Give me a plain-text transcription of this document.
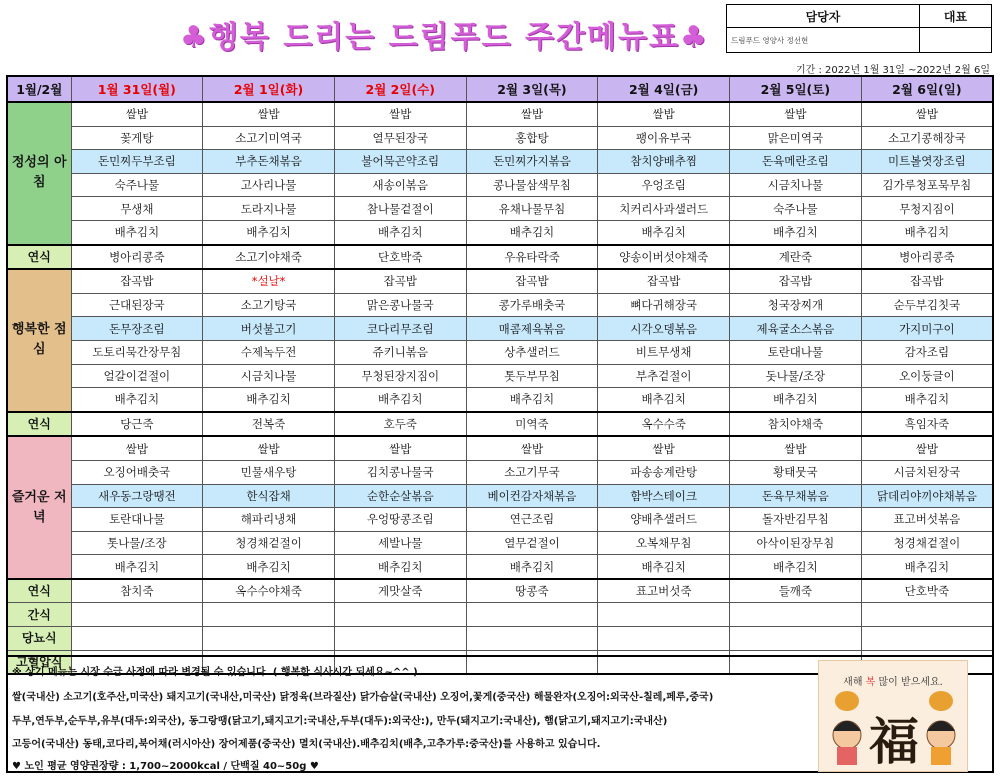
♣행복 드리는 드림푸드 주간메뉴표♣
담당자	대표
드림푸드 영양사 정선현	
기간 : 2022년 1월 31일 ~2022년 2월 6일
1월/2월	1월 31일(월)	2월 1일(화)	2월 2일(수)	2월 3일(목)	2월 4일(금)	2월 5일(토)	2월 6일(일)
정성의 아침	쌀밥	쌀밥	쌀밥	쌀밥	쌀밥	쌀밥	쌀밥
	꽃게탕	소고기미역국	열무된장국	홍합탕	팽이유부국	맑은미역국	소고기콩해장국
	돈민찌두부조림	부추돈채볶음	불어묵곤약조림	돈민찌가지볶음	참치양배추찜	돈육메란조림	미트볼엿장조림
	숙주나물	고사리나물	새송이볶음	콩나물삼색무침	우엉조림	시금치나물	김가루청포묵무침
	무생채	도라지나물	참나물겉절이	유채나물무침	치커리사과샐러드	숙주나물	무청지짐이
	배추김치	배추김치	배추김치	배추김치	배추김치	배추김치	배추김치
연식	병아리콩죽	소고기야채죽	단호박죽	우유타락죽	양송이버섯야채죽	계란죽	병아리콩죽
행복한 점심	잡곡밥	*설날*	잡곡밥	잡곡밥	잡곡밥	잡곡밥	잡곡밥
	근대된장국	소고기탕국	맑은콩나물국	콩가루배춧국	뼈다귀해장국	청국장찌개	순두부김칫국
	돈무장조림	버섯불고기	코다리무조림	매콤제육볶음	시각오뎅볶음	제육굴소스볶음	가지미구이
	도토리묵간장무침	수제녹두전	쥬키니볶음	상추샐러드	비트무생채	토란대나물	감자조림
	얼갈이겉절이	시금치나물	무청된장지짐이	톳두부무침	부추겉절이	돗나물/조장	오이둥글이
	배추김치	배추김치	배추김치	배추김치	배추김치	배추김치	배추김치
연식	당근죽	전복죽	호두죽	미역죽	옥수수죽	참치야채죽	흑임자죽
즐거운 저녁	쌀밥	쌀밥	쌀밥	쌀밥	쌀밥	쌀밥	쌀밥
	오징어배춧국	민물새우탕	김치콩나물국	소고기무국	파송송계란탕	황태뭇국	시금치된장국
	새우동그랑땡전	한식잡채	순한순살볶음	베이컨감자채볶음	함박스테이크	돈육무채볶음	닭데리야끼야채볶음
	토란대나물	해파리냉채	우엉땅콩조림	연근조림	양배추샐러드	돌자반김무침	표고버섯볶음
	톳나물/조장	청경채겉절이	세발나물	열무겉절이	오복채무침	아삭이된장무침	청경채겉절이
	배추김치	배추김치	배추김치	배추김치	배추김치	배추김치	배추김치
연식	참치죽	옥수수야채죽	게맛살죽	땅콩죽	표고버섯죽	들깨죽	단호박죽
간식							
당뇨식							
고혈압식							
※ 상기 메뉴는 시장 수급 사정에 따라 변경될 수 있습니다. ( 행복한 식사시간 되세요~^^ )
쌀(국내산) 소고기(호주산,미국산) 돼지고기(국내산,미국산) 닭정육(브라질산) 닭가슴살(국내산) 오징어,꽃게(중국산) 해물완자(오징어:외국산-칠레,페루,중국)
두부,연두부,순두부,유부(대두:외국산), 동그랑땡(닭고기,돼지고기:국내산,두부(대두):외국산:), 만두(돼지고기:국내산), 햄(닭고기,돼지고기:국내산)
고등어(국내산) 동태,코다리,북어채(러시아산) 장어제품(중국산) 멸치(국내산).배추김치(배추,고추가루:중국산)를 사용하고 있습니다.
♥ 노인 평균 영양권장량 : 1,700~2000kcal / 단백질 40~50g ♥
새해 복 많이 받으세요.
福
